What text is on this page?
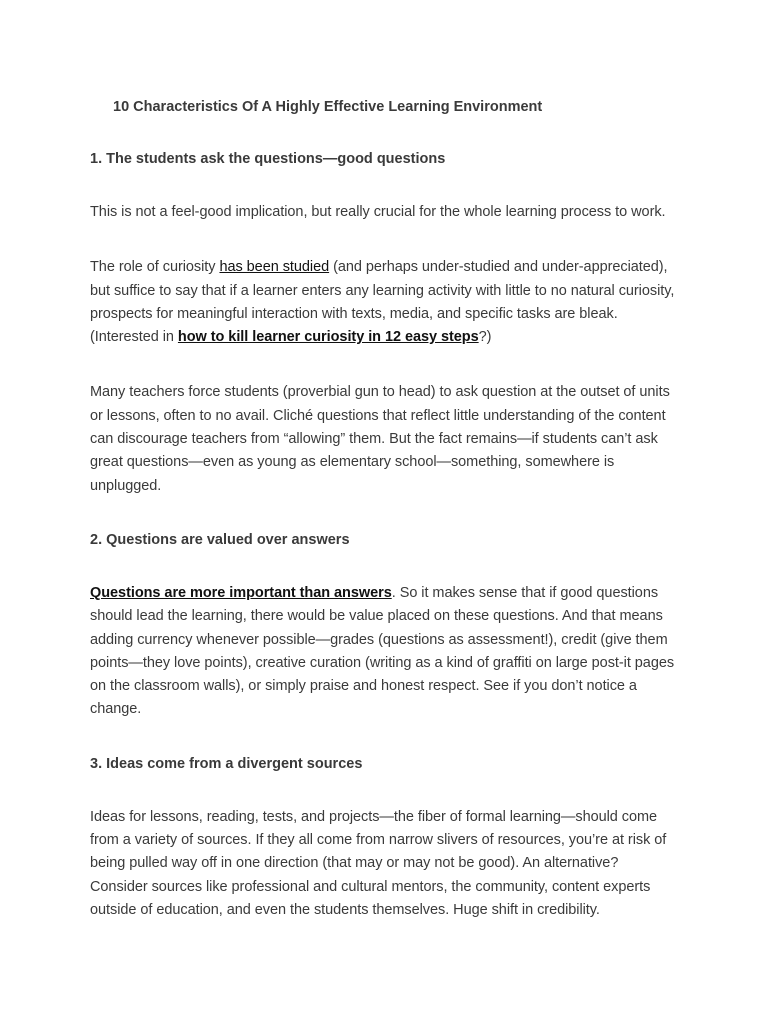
10 Characteristics Of A Highly Effective Learning Environment
1. The students ask the questions—good questions

This is not a feel-good implication, but really crucial for the whole learning process to work.

The role of curiosity has been studied (and perhaps under-studied and under-appreciated), but suffice to say that if a learner enters any learning activity with little to no natural curiosity, prospects for meaningful interaction with texts, media, and specific tasks are bleak. (Interested in how to kill learner curiosity in 12 easy steps?)

Many teachers force students (proverbial gun to head) to ask question at the outset of units or lessons, often to no avail. Cliché questions that reflect little understanding of the content can discourage teachers from “allowing” them. But the fact remains—if students can’t ask great questions—even as young as elementary school—something, somewhere is unplugged.

2. Questions are valued over answers

Questions are more important than answers. So it makes sense that if good questions should lead the learning, there would be value placed on these questions. And that means adding currency whenever possible—grades (questions as assessment!), credit (give them points—they love points), creative curation (writing as a kind of graffiti on large post-it pages on the classroom walls), or simply praise and honest respect. See if you don’t notice a change.

3. Ideas come from a divergent sources

Ideas for lessons, reading, tests, and projects—the fiber of formal learning—should come from a variety of sources. If they all come from narrow slivers of resources, you’re at risk of being pulled way off in one direction (that may or may not be good). An alternative? Consider sources like professional and cultural mentors, the community, content experts outside of education, and even the students themselves. Huge shift in credibility.
